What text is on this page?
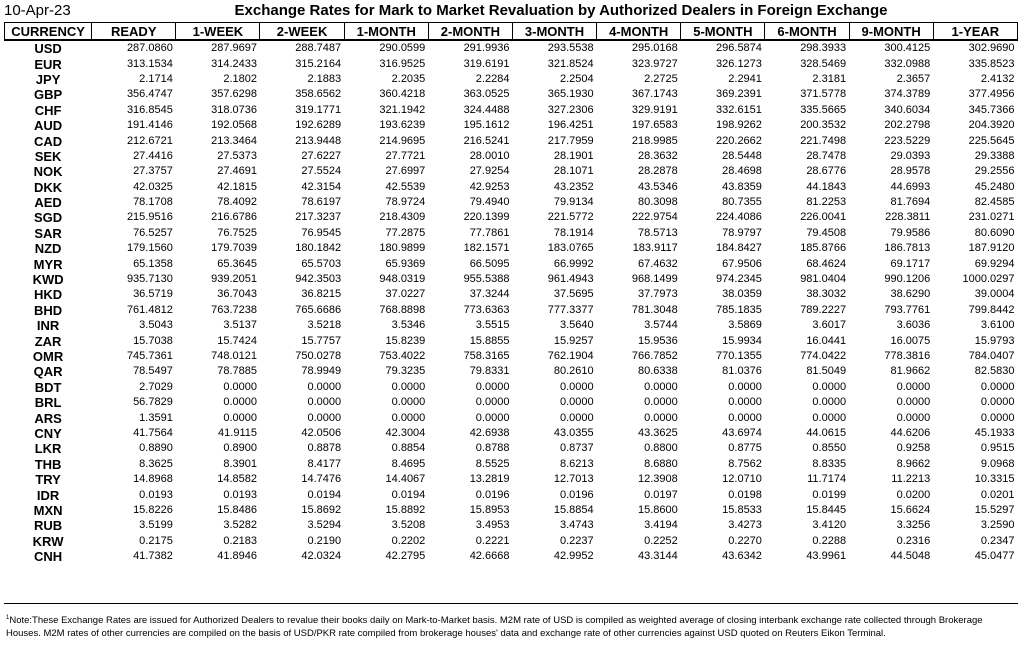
10-Apr-23	Exchange Rates for Mark to Market Revaluation by Authorized Dealers in Foreign Exchange
CURRENCY	READY	1-WEEK	2-WEEK	1-MONTH	2-MONTH	3-MONTH	4-MONTH	5-MONTH	6-MONTH	9-MONTH	1-YEAR
USD	287.0860	287.9697	288.7487	290.0599	291.9936	293.5538	295.0168	296.5874	298.3933	300.4125	302.9690
EUR	313.1534	314.2433	315.2164	316.9525	319.6191	321.8524	323.9727	326.1273	328.5469	332.0988	335.8523
JPY	2.1714	2.1802	2.1883	2.2035	2.2284	2.2504	2.2725	2.2941	2.3181	2.3657	2.4132
GBP	356.4747	357.6298	358.6562	360.4218	363.0525	365.1930	367.1743	369.2391	371.5778	374.3789	377.4956
CHF	316.8545	318.0736	319.1771	321.1942	324.4488	327.2306	329.9191	332.6151	335.5665	340.6034	345.7366
AUD	191.4146	192.0568	192.6289	193.6239	195.1612	196.4251	197.6583	198.9262	200.3532	202.2798	204.3920
CAD	212.6721	213.3464	213.9448	214.9695	216.5241	217.7959	218.9985	220.2662	221.7498	223.5229	225.5645
SEK	27.4416	27.5373	27.6227	27.7721	28.0010	28.1901	28.3632	28.5448	28.7478	29.0393	29.3388
NOK	27.3757	27.4691	27.5524	27.6997	27.9254	28.1071	28.2878	28.4698	28.6776	28.9578	29.2556
DKK	42.0325	42.1815	42.3154	42.5539	42.9253	43.2352	43.5346	43.8359	44.1843	44.6993	45.2480
AED	78.1708	78.4092	78.6197	78.9724	79.4940	79.9134	80.3098	80.7355	81.2253	81.7694	82.4585
SGD	215.9516	216.6786	217.3237	218.4309	220.1399	221.5772	222.9754	224.4086	226.0041	228.3811	231.0271
SAR	76.5257	76.7525	76.9545	77.2875	77.7861	78.1914	78.5713	78.9797	79.4508	79.9586	80.6090
NZD	179.1560	179.7039	180.1842	180.9899	182.1571	183.0765	183.9117	184.8427	185.8766	186.7813	187.9120
MYR	65.1358	65.3645	65.5703	65.9369	66.5095	66.9992	67.4632	67.9506	68.4624	69.1717	69.9294
KWD	935.7130	939.2051	942.3503	948.0319	955.5388	961.4943	968.1499	974.2345	981.0404	990.1206	1000.0297
HKD	36.5719	36.7043	36.8215	37.0227	37.3244	37.5695	37.7973	38.0359	38.3032	38.6290	39.0004
BHD	761.4812	763.7238	765.6686	768.8898	773.6363	777.3377	781.3048	785.1835	789.2227	793.7761	799.8442
INR	3.5043	3.5137	3.5218	3.5346	3.5515	3.5640	3.5744	3.5869	3.6017	3.6036	3.6100
ZAR	15.7038	15.7424	15.7757	15.8239	15.8855	15.9257	15.9536	15.9934	16.0441	16.0075	15.9793
OMR	745.7361	748.0121	750.0278	753.4022	758.3165	762.1904	766.7852	770.1355	774.0422	778.3816	784.0407
QAR	78.5497	78.7885	78.9949	79.3235	79.8331	80.2610	80.6338	81.0376	81.5049	81.9662	82.5830
BDT	2.7029	0.0000	0.0000	0.0000	0.0000	0.0000	0.0000	0.0000	0.0000	0.0000	0.0000
BRL	56.7829	0.0000	0.0000	0.0000	0.0000	0.0000	0.0000	0.0000	0.0000	0.0000	0.0000
ARS	1.3591	0.0000	0.0000	0.0000	0.0000	0.0000	0.0000	0.0000	0.0000	0.0000	0.0000
CNY	41.7564	41.9115	42.0506	42.3004	42.6938	43.0355	43.3625	43.6974	44.0615	44.6206	45.1933
LKR	0.8890	0.8900	0.8878	0.8854	0.8788	0.8737	0.8800	0.8775	0.8550	0.9258	0.9515
THB	8.3625	8.3901	8.4177	8.4695	8.5525	8.6213	8.6880	8.7562	8.8335	8.9662	9.0968
TRY	14.8968	14.8582	14.7476	14.4067	13.2819	12.7013	12.3908	12.0710	11.7174	11.2213	10.3315
IDR	0.0193	0.0193	0.0194	0.0194	0.0196	0.0196	0.0197	0.0198	0.0199	0.0200	0.0201
MXN	15.8226	15.8486	15.8692	15.8892	15.8953	15.8854	15.8600	15.8533	15.8445	15.6624	15.5297
RUB	3.5199	3.5282	3.5294	3.5208	3.4953	3.4743	3.4194	3.4273	3.4120	3.3256	3.2590
KRW	0.2175	0.2183	0.2190	0.2202	0.2221	0.2237	0.2252	0.2270	0.2288	0.2316	0.2347
CNH	41.7382	41.8946	42.0324	42.2795	42.6668	42.9952	43.3144	43.6342	43.9961	44.5048	45.0477
$^1$Note:These Exchange Rates are issued for Authorized Dealers to revalue their books daily on Mark-to-Market basis. M2M rate of USD is compiled as weighted average of closing interbank exchange rate collected through Brokerage Houses. M2M rates of other currencies are compiled on the basis of USD/PKR rate compiled from brokerage houses' data and exchange rate of other currencies against USD quoted on Reuters Eikon Terminal.
